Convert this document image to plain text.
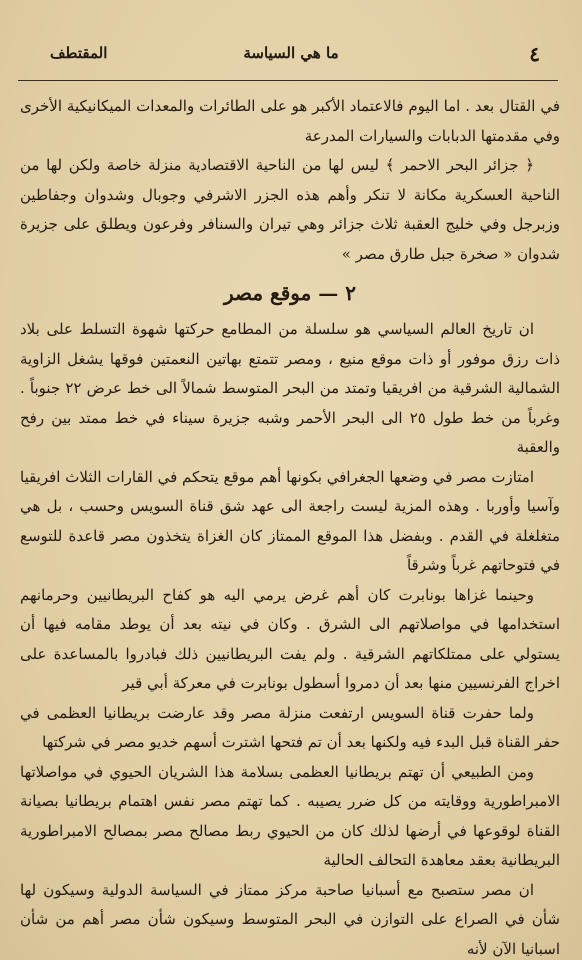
٤
ما هي السياسة
المقتطف

في القتال بعد . اما اليوم فالاعتماد الأكبر هو على الطائرات والمعدات الميكانيكية الأخرى وفي مقدمتها الدبابات والسيارات المدرعة

﴿ جزائر البحر الاحمر ﴾ ليس لها من الناحية الاقتصادية منزلة خاصة ولكن لها من الناحية العسكرية مكانة لا تنكر وأهم هذه الجزر الاشرفي وجوبال وشدوان وجفاطين وزبرجل وفي خليج العقبة ثلاث جزائر وهي تيران والسنافر وفرعون ويطلق على جزيرة شدوان « صخرة جبل طارق مصر »

٢ — موقع مصر

ان تاريخ العالم السياسي هو سلسلة من المطامع حركتها شهوة التسلط على بلاد ذات رزق موفور أو ذات موقع منيع ، ومصر تتمتع بهاتين النعمتين فوقها يشغل الزاوية الشمالية الشرقية من افريقيا وتمتد من البحر المتوسط شمالاً الى خط عرض ٢٢ جنوباً . وغرباً من خط طول ٢٥ الى البحر الأحمر وشبه جزيرة سيناء في خط ممتد بين رفح والعقبة

امتازت مصر في وضعها الجغرافي بكونها أهم موقع يتحكم في القارات الثلاث افريقيا وآسيا وأوربا . وهذه المزية ليست راجعة الى عهد شق قناة السويس وحسب ، بل هي متغلغلة في القدم . وبفضل هذا الموقع الممتاز كان الغزاة يتخذون مصر قاعدة للتوسع في فتوحاتهم غرباً وشرقاً

وحينما غزاها بونابرت كان أهم غرض يرمي اليه هو كفاح البريطانيين وحرمانهم استخدامها في مواصلاتهم الى الشرق . وكان في نيته بعد أن يوطد مقامه فيها أن يستولي على ممتلكاتهم الشرقية . ولم يفت البريطانيين ذلك فبادروا بالمساعدة على اخراج الفرنسيين منها بعد أن دمروا أسطول بونابرت في معركة أبي قير

ولما حفرت قناة السويس ارتفعت منزلة مصر وقد عارضت بريطانيا العظمى في حفر القناة قبل البدء فيه ولكنها بعد أن تم فتحها اشترت أسهم خديو مصر في شركتها

ومن الطبيعي أن تهتم بريطانيا العظمى بسلامة هذا الشريان الحيوي في مواصلاتها الامبراطورية ووقايته من كل ضرر يصيبه . كما تهتم مصر نفس اهتمام بريطانيا بصيانة القناة لوقوعها في أرضها لذلك كان من الحيوي ربط مصالح مصر بمصالح الامبراطورية البريطانية بعقد معاهدة التحالف الحالية

ان مصر ستصبح مع أسبانيا صاحبة مركز ممتاز في السياسة الدولية وسيكون لها شأن في الصراع على التوازن في البحر المتوسط وسيكون شأن مصر أهم من شأن اسبانيا الآن لأنه
